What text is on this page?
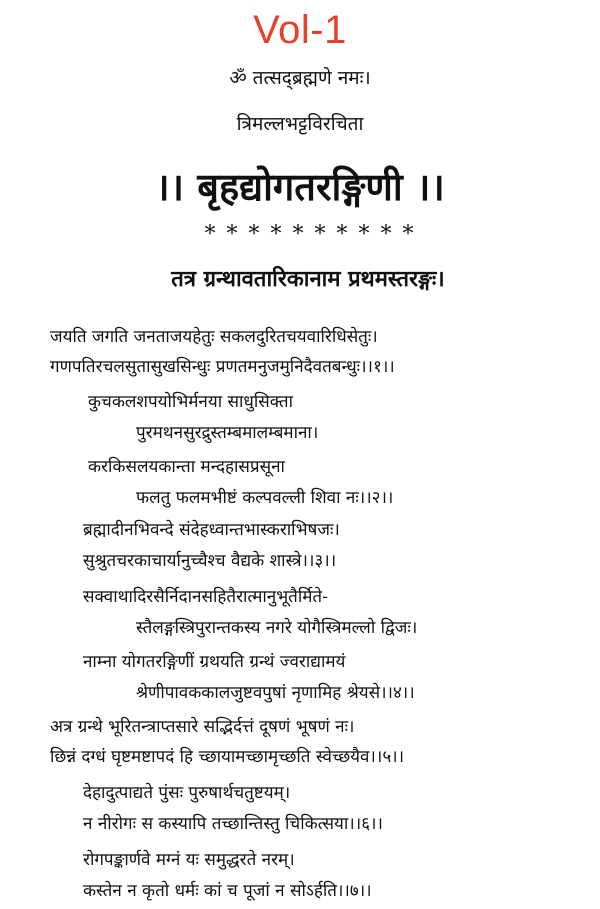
Vol-1
ॐ तत्सद्ब्रह्मणे नमः।
त्रिमल्लभट्टविरचिता
।। बृहद्योगतरङ्गिणी ।।
* * * * * * * * * *
तत्र ग्रन्थावतारिकानाम प्रथमस्तरङ्गः।
जयति जगति जनताजयहेतुः सकलदुरितचयवारिधिसेतुः।
गणपतिरचलसुतासुखसिन्धुः प्रणतमनुजमुनिदैवतबन्धुः।।१।।
कुचकलशपयोभिर्मनया साधुसिक्ता
पुरमथनसुरद्रुस्तम्बमालम्बमाना।
करकिसलयकान्ता मन्दहासप्रसूना
फलतु फलमभीष्टं कल्पवल्ली शिवा नः।।२।।
ब्रह्मादीनभिवन्दे संदेहध्वान्तभास्कराभिषजः।
सुश्रुतचरकाचार्यानुच्चैश्च वैद्यके शास्त्रे।।३।।
सक्वाथादिरसैर्निदानसहितैरात्मानुभूतैर्मिते-
स्तैलङ्गस्त्रिपुरान्तकस्य नगरे योगैस्त्रिमल्लो द्विजः।
नाम्ना योगतरङ्गिणीं ग्रथयति ग्रन्थं ज्वराद्यामयं
श्रेणीपावककालजुष्टवपुषां नृणामिह श्रेयसे।।४।।
अत्र ग्रन्थे भूरितन्त्राप्तसारे सद्भिर्दत्तं दूषणं भूषणं नः।
छिन्नं दग्धं घृष्टमष्टापदं हि च्छायामच्छामृच्छति स्वेच्छयैव।।५।।
देहादुत्पाद्यते पुंसः पुरुषार्थचतुष्टयम्।
न नीरोगः स कस्यापि तच्छान्तिस्तु चिकित्सया।।६।।
रोगपङ्कार्णवे मग्नं यः समुद्धरते नरम्।
कस्तेन न कृतो धर्मः कां च पूजां न सोऽर्हति।।७।।
